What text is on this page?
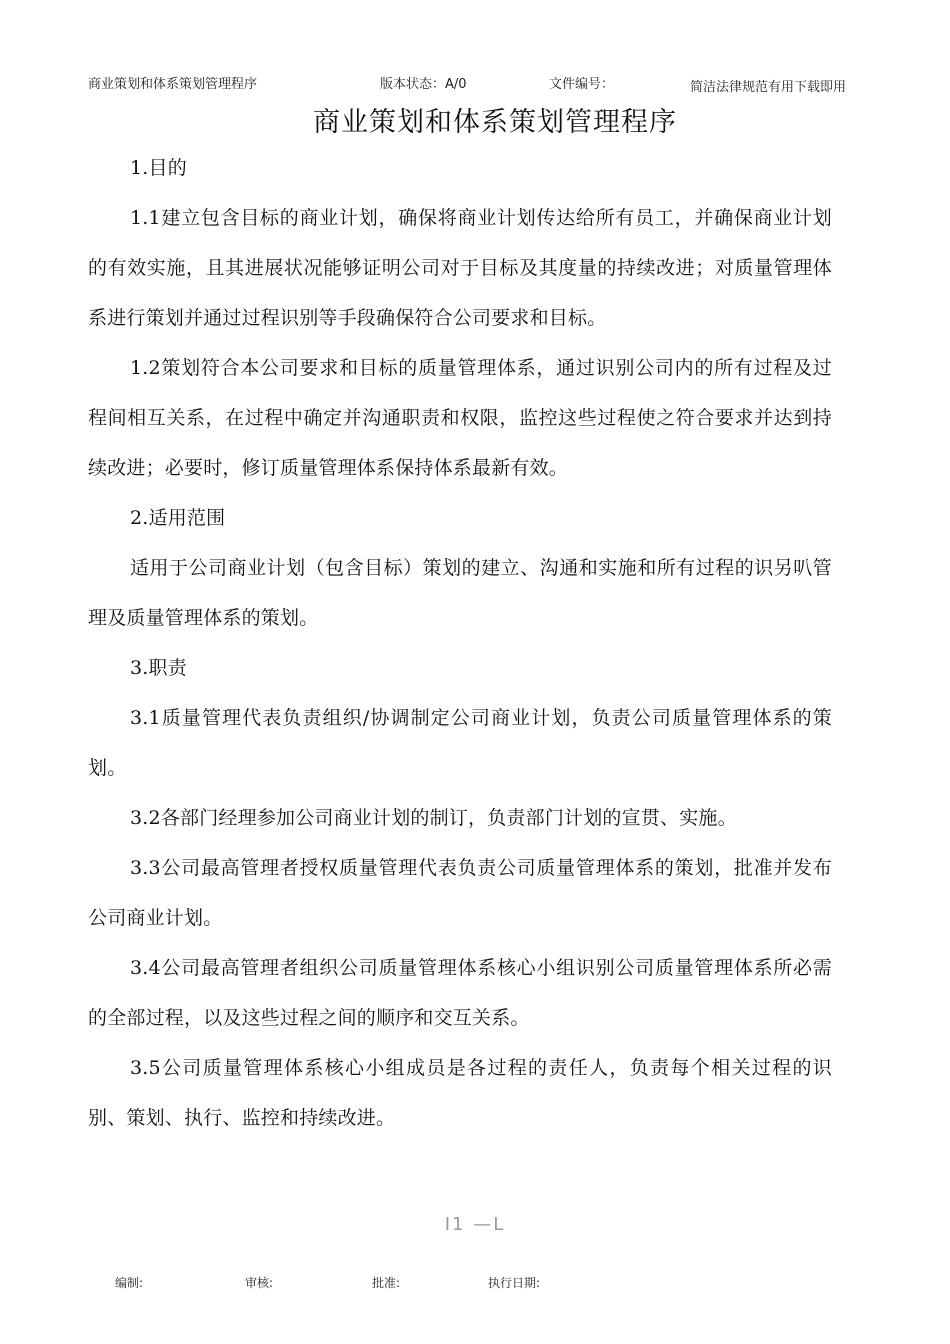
商业策划和体系策划管理程序	版本状态：A/0	文件编号：	简洁法律规范有用下载即用
商业策划和体系策划管理程序

1.目的

1.1建立包含目标的商业计划，确保将商业计划传达给所有员工，并确保商业计划的有效实施，且其进展状况能够证明公司对于目标及其度量的持续改进；对质量管理体系进行策划并通过过程识别等手段确保符合公司要求和目标。

1.2策划符合本公司要求和目标的质量管理体系，通过识别公司内的所有过程及过程间相互关系，在过程中确定并沟通职责和权限，监控这些过程使之符合要求并达到持续改进；必要时，修订质量管理体系保持体系最新有效。

2.适用范围

适用于公司商业计划（包含目标）策划的建立、沟通和实施和所有过程的识另叭管理及质量管理体系的策划。

3.职责

3.1质量管理代表负责组织/协调制定公司商业计划，负责公司质量管理体系的策划。

3.2各部门经理参加公司商业计划的制订，负责部门计划的宣贯、实施。

3.3公司最高管理者授权质量管理代表负责公司质量管理体系的策划，批准并发布公司商业计划。

3.4公司最高管理者组织公司质量管理体系核心小组识别公司质量管理体系所必需的全部过程，以及这些过程之间的顺序和交互关系。

3.5公司质量管理体系核心小组成员是各过程的责任人，负责每个相关过程的识别、策划、执行、监控和持续改进。

I1 —L
编制:	审核:	批准:	执行日期:
